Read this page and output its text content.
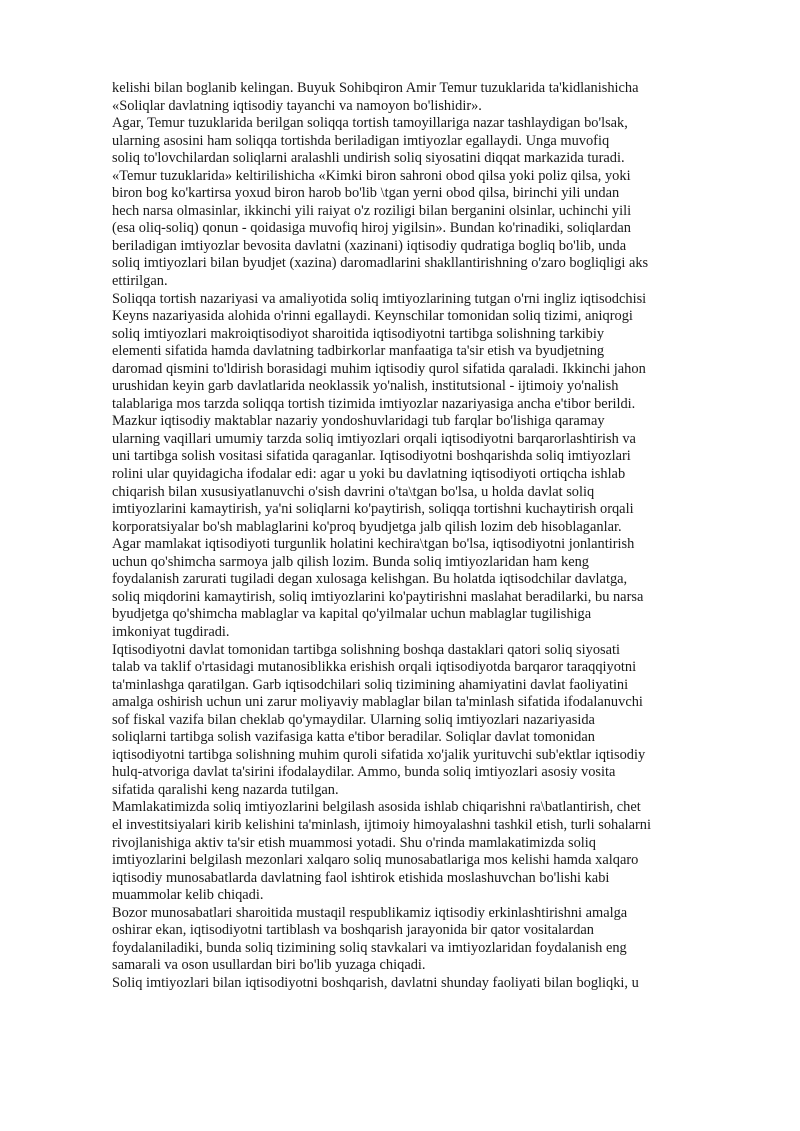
kelishi bilan boglanib kelingan. Buyuk Sohibqiron Amir Temur tuzuklarida ta'kidlanishicha
«Soliqlar davlatning iqtisodiy tayanchi va namoyon bo'lishidir».
Agar, Temur tuzuklarida berilgan soliqqa tortish tamoyillariga nazar tashlaydigan bo'lsak,
ularning asosini ham soliqqa tortishda beriladigan imtiyozlar egallaydi. Unga muvofiq
soliq to'lovchilardan soliqlarni aralashli undirish soliq siyosatini diqqat markazida turadi.
«Temur tuzuklarida» keltirilishicha «Kimki biron sahroni obod qilsa yoki poliz qilsa, yoki
biron bog ko'kartirsa yoxud biron harob bo'lib \tgan yerni obod qilsa, birinchi yili undan
hech narsa olmasinlar, ikkinchi yili raiyat o'z roziligi bilan berganini olsinlar, uchinchi yili
(esa oliq-soliq) qonun - qoidasiga muvofiq hiroj yigilsin». Bundan ko'rinadiki, soliqlardan
beriladigan imtiyozlar bevosita davlatni (xazinani) iqtisodiy qudratiga bogliq bo'lib, unda
soliq imtiyozlari bilan byudjet (xazina) daromadlarini shakllantirishning o'zaro bogliqligi aks
ettirilgan.
Soliqqa tortish nazariyasi va amaliyotida soliq imtiyozlarining tutgan o'rni ingliz iqtisodchisi
Keyns nazariyasida alohida o'rinni egallaydi. Keynschilar tomonidan soliq tizimi, aniqrogi
soliq imtiyozlari makroiqtisodiyot sharoitida iqtisodiyotni tartibga solishning tarkibiy
elementi sifatida hamda davlatning tadbirkorlar manfaatiga ta'sir etish va byudjetning
daromad qismini to'ldirish borasidagi muhim iqtisodiy qurol sifatida qaraladi. Ikkinchi jahon
urushidan keyin garb davlatlarida neoklassik yo'nalish, institutsional - ijtimoiy yo'nalish
talablariga mos tarzda soliqqa tortish tizimida imtiyozlar nazariyasiga ancha e'tibor berildi.
Mazkur iqtisodiy maktablar nazariy yondoshuvlaridagi tub farqlar bo'lishiga qaramay
ularning vaqillari umumiy tarzda soliq imtiyozlari orqali iqtisodiyotni barqarorlashtirish va
uni tartibga solish vositasi sifatida qaraganlar. Iqtisodiyotni boshqarishda soliq imtiyozlari
rolini ular quyidagicha ifodalar edi: agar u yoki bu davlatning iqtisodiyoti ortiqcha ishlab
chiqarish bilan xususiyatlanuvchi o'sish davrini o'ta\tgan bo'lsa, u holda davlat soliq
imtiyozlarini kamaytirish, ya'ni soliqlarni ko'paytirish, soliqqa tortishni kuchaytirish orqali
korporatsiyalar bo'sh mablaglarini ko'proq byudjetga jalb qilish lozim deb hisoblaganlar.
Agar mamlakat iqtisodiyoti turgunlik holatini kechira\tgan bo'lsa, iqtisodiyotni jonlantirish
uchun qo'shimcha sarmoya jalb qilish lozim. Bunda soliq imtiyozlaridan ham keng
foydalanish zarurati tugiladi degan xulosaga kelishgan. Bu holatda iqtisodchilar davlatga,
soliq miqdorini kamaytirish, soliq imtiyozlarini ko'paytirishni maslahat beradilarki, bu narsa
byudjetga qo'shimcha mablaglar va kapital qo'yilmalar uchun mablaglar tugilishiga
imkoniyat tugdiradi.
Iqtisodiyotni davlat tomonidan tartibga solishning boshqa dastaklari qatori soliq siyosati
talab va taklif o'rtasidagi mutanosiblikka erishish orqali iqtisodiyotda barqaror taraqqiyotni
ta'minlashga qaratilgan. Garb iqtisodchilari soliq tizimining ahamiyatini davlat faoliyatini
amalga oshirish uchun uni zarur moliyaviy mablaglar bilan ta'minlash sifatida ifodalanuvchi
sof fiskal vazifa bilan cheklab qo'ymaydilar. Ularning soliq imtiyozlari nazariyasida
soliqlarni tartibga solish vazifasiga katta e'tibor beradilar. Soliqlar davlat tomonidan
iqtisodiyotni tartibga solishning muhim quroli sifatida xo'jalik yurituvchi sub'ektlar iqtisodiy
hulq-atvoriga davlat ta'sirini ifodalaydilar. Ammo, bunda soliq imtiyozlari asosiy vosita
sifatida qaralishi keng nazarda tutilgan.
Mamlakatimizda soliq imtiyozlarini belgilash asosida ishlab chiqarishni ra\batlantirish, chet
el investitsiyalari kirib kelishini ta'minlash, ijtimoiy himoyalashni tashkil etish, turli sohalarni
rivojlanishiga aktiv ta'sir etish muammosi yotadi. Shu o'rinda mamlakatimizda soliq
imtiyozlarini belgilash mezonlari xalqaro soliq munosabatlariga mos kelishi hamda xalqaro
iqtisodiy munosabatlarda davlatning faol ishtirok etishida moslashuvchan bo'lishi kabi
muammolar kelib chiqadi.
Bozor munosabatlari sharoitida mustaqil respublikamiz iqtisodiy erkinlashtirishni amalga
oshirar ekan, iqtisodiyotni tartiblash va boshqarish jarayonida bir qator vositalardan
foydalaniladiki, bunda soliq tizimining soliq stavkalari va imtiyozlaridan foydalanish eng
samarali va oson usullardan biri bo'lib yuzaga chiqadi.
Soliq imtiyozlari bilan iqtisodiyotni boshqarish, davlatni shunday faoliyati bilan bogliqki, u
